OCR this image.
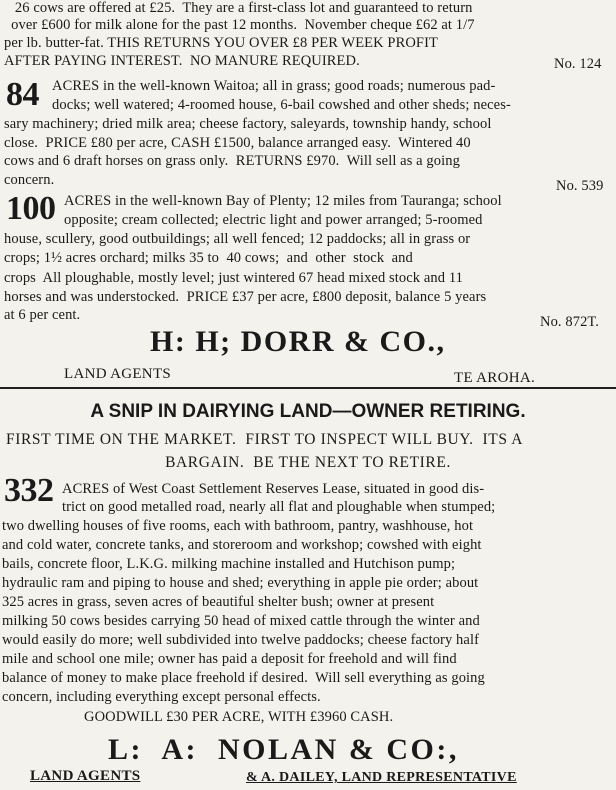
26 cows are offered at £25.  They are a first-class lot and guaranteed to return
over £600 for milk alone for the past 12 months.  November cheque £62 at 1/7
per lb. butter-fat. THIS RETURNS YOU OVER £8 PER WEEK PROFIT
AFTER PAYING INTEREST.  NO MANURE REQUIRED.	No. 124
84 ACRES in the well-known Waitoa; all in grass; good roads; numerous pad-
docks; well watered; 4-roomed house, 6-bail cowshed and other sheds; neces-
sary machinery; dried milk area; cheese factory, saleyards, township handy, school
close.  PRICE £80 per acre, CASH £1500, balance arranged easy.  Wintered 40
cows and 6 draft horses on grass only.  RETURNS £970.  Will sell as a going
concern.	No. 539
100 ACRES in the well-known Bay of Plenty; 12 miles from Tauranga; school
opposite; cream collected; electric light and power arranged; 5-roomed
house, scullery, good outbuildings; all well fenced; 12 paddocks; all in grass or
crops; 1½ acres orchard; milks 35 to  40 cows;  and  other  stock  and
crops  All ploughable, mostly level; just wintered 67 head mixed stock and 11
horses and was understocked.  PRICE £37 per acre, £800 deposit, balance 5 years
at 6 per cent.	No. 872T.
H: H; DORR & CO.,
LAND AGENTS	TE AROHA.
A SNIP IN DAIRYING LAND—OWNER RETIRING.
FIRST TIME ON THE MARKET.  FIRST TO INSPECT WILL BUY.  ITS A
BARGAIN.  BE THE NEXT TO RETIRE.
332 ACRES of West Coast Settlement Reserves Lease, situated in good dis-
trict on good metalled road, nearly all flat and ploughable when stumped;
two dwelling houses of five rooms, each with bathroom, pantry, washhouse, hot
and cold water, concrete tanks, and storeroom and workshop; cowshed with eight
bails, concrete floor, L.K.G. milking machine installed and Hutchison pump;
hydraulic ram and piping to house and shed; everything in apple pie order; about
325 acres in grass, seven acres of beautiful shelter bush; owner at present
milking 50 cows besides carrying 50 head of mixed cattle through the winter and
would easily do more; well subdivided into twelve paddocks; cheese factory half
mile and school one mile; owner has paid a deposit for freehold and will find
balance of money to make place freehold if desired.  Will sell everything as going
concern, including everything except personal effects.
GOODWILL £30 PER ACRE, WITH £3960 CASH.
L:  A:  NOLAN & CO:,
LAND AGENTS	& A. DAILEY, LAND REPRESENTATIVE
